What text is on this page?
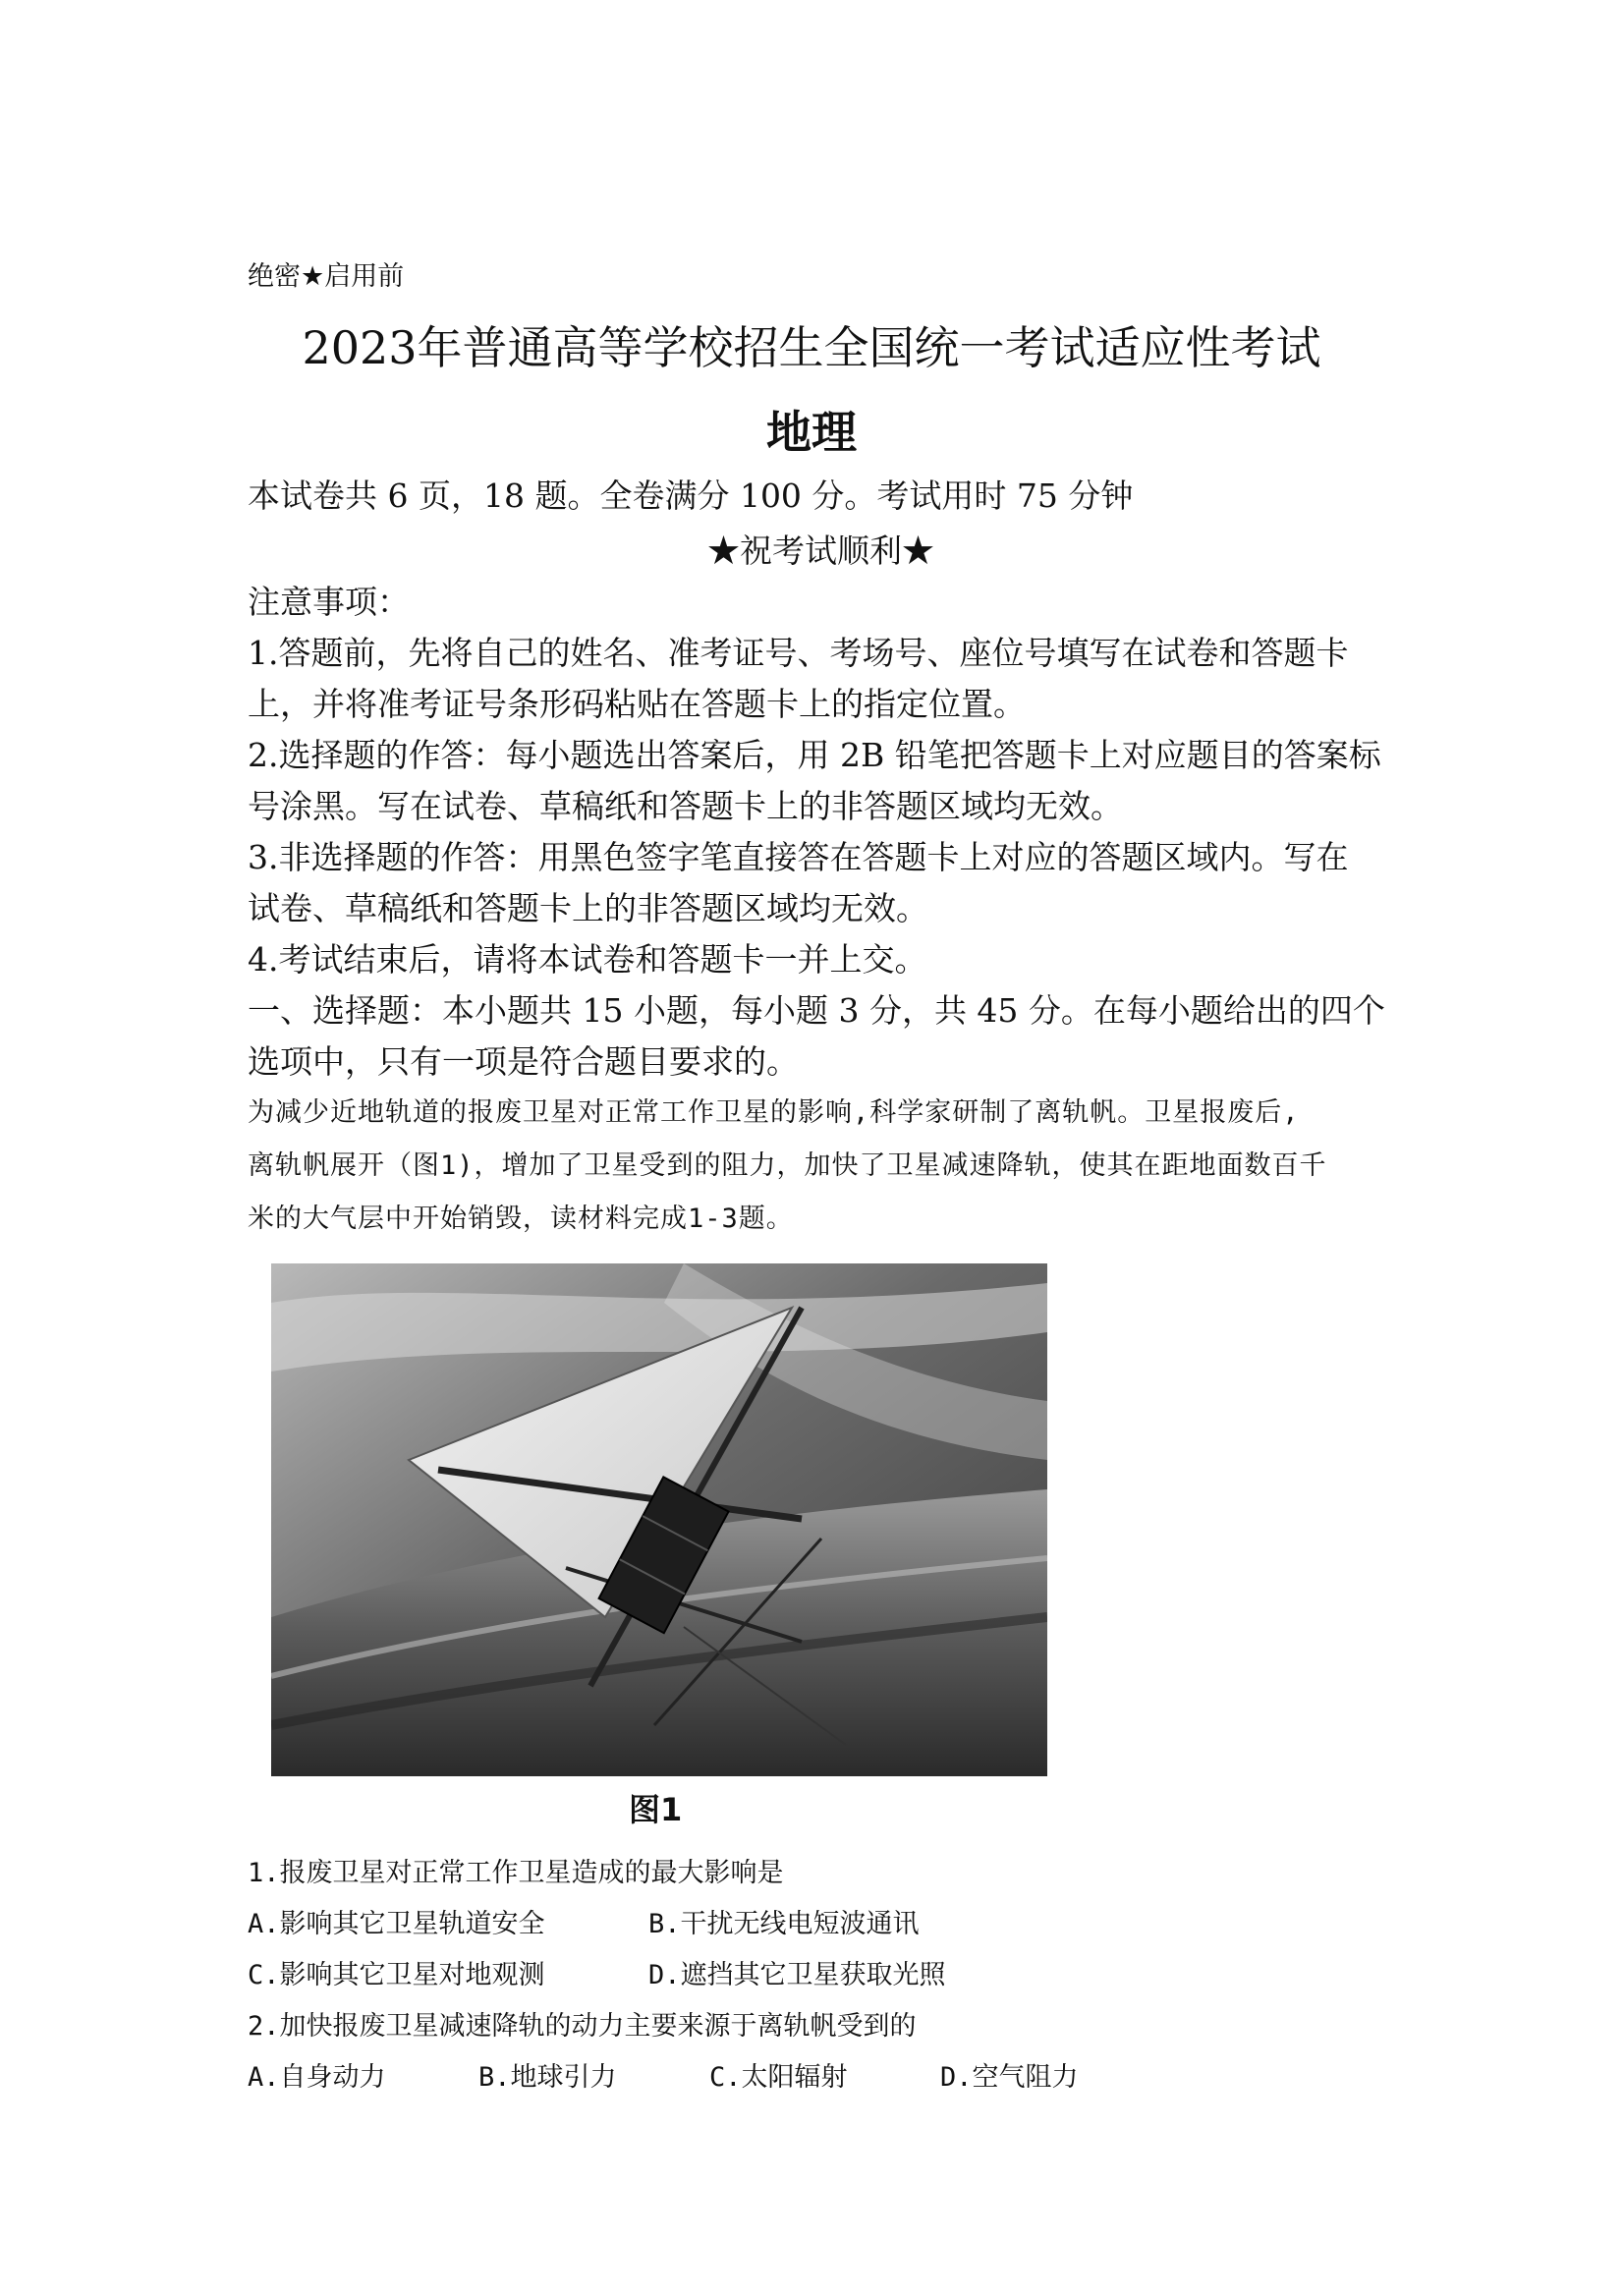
绝密★启用前
2023年普通高等学校招生全国统一考试适应性考试
地理
本试卷共 6 页，18 题。全卷满分 100 分。考试用时 75 分钟
★祝考试顺利★
注意事项：
1.答题前，先将自己的姓名、准考证号、考场号、座位号填写在试卷和答题卡
上，并将准考证号条形码粘贴在答题卡上的指定位置。
2.选择题的作答：每小题选出答案后，用 2B 铅笔把答题卡上对应题目的答案标
号涂黑。写在试卷、草稿纸和答题卡上的非答题区域均无效。
3.非选择题的作答：用黑色签字笔直接答在答题卡上对应的答题区域内。写在
试卷、草稿纸和答题卡上的非答题区域均无效。
4.考试结束后，请将本试卷和答题卡一并上交。
一、选择题：本小题共 15 小题，每小题 3 分，共 45 分。在每小题给出的四个
选项中，只有一项是符合题目要求的。
为减少近地轨道的报废卫星对正常工作卫星的影响,科学家研制了离轨帆。卫星报废后,
离轨帆展开（图1)，增加了卫星受到的阻力，加快了卫星减速降轨，使其在距地面数百千
米的大气层中开始销毁，读材料完成1-3题。
图1
1.报废卫星对正常工作卫星造成的最大影响是
A.影响其它卫星轨道安全	B.干扰无线电短波通讯
C.影响其它卫星对地观测	D.遮挡其它卫星获取光照
2.加快报废卫星减速降轨的动力主要来源于离轨帆受到的
A.自身动力	B.地球引力	C.太阳辐射	D.空气阻力
